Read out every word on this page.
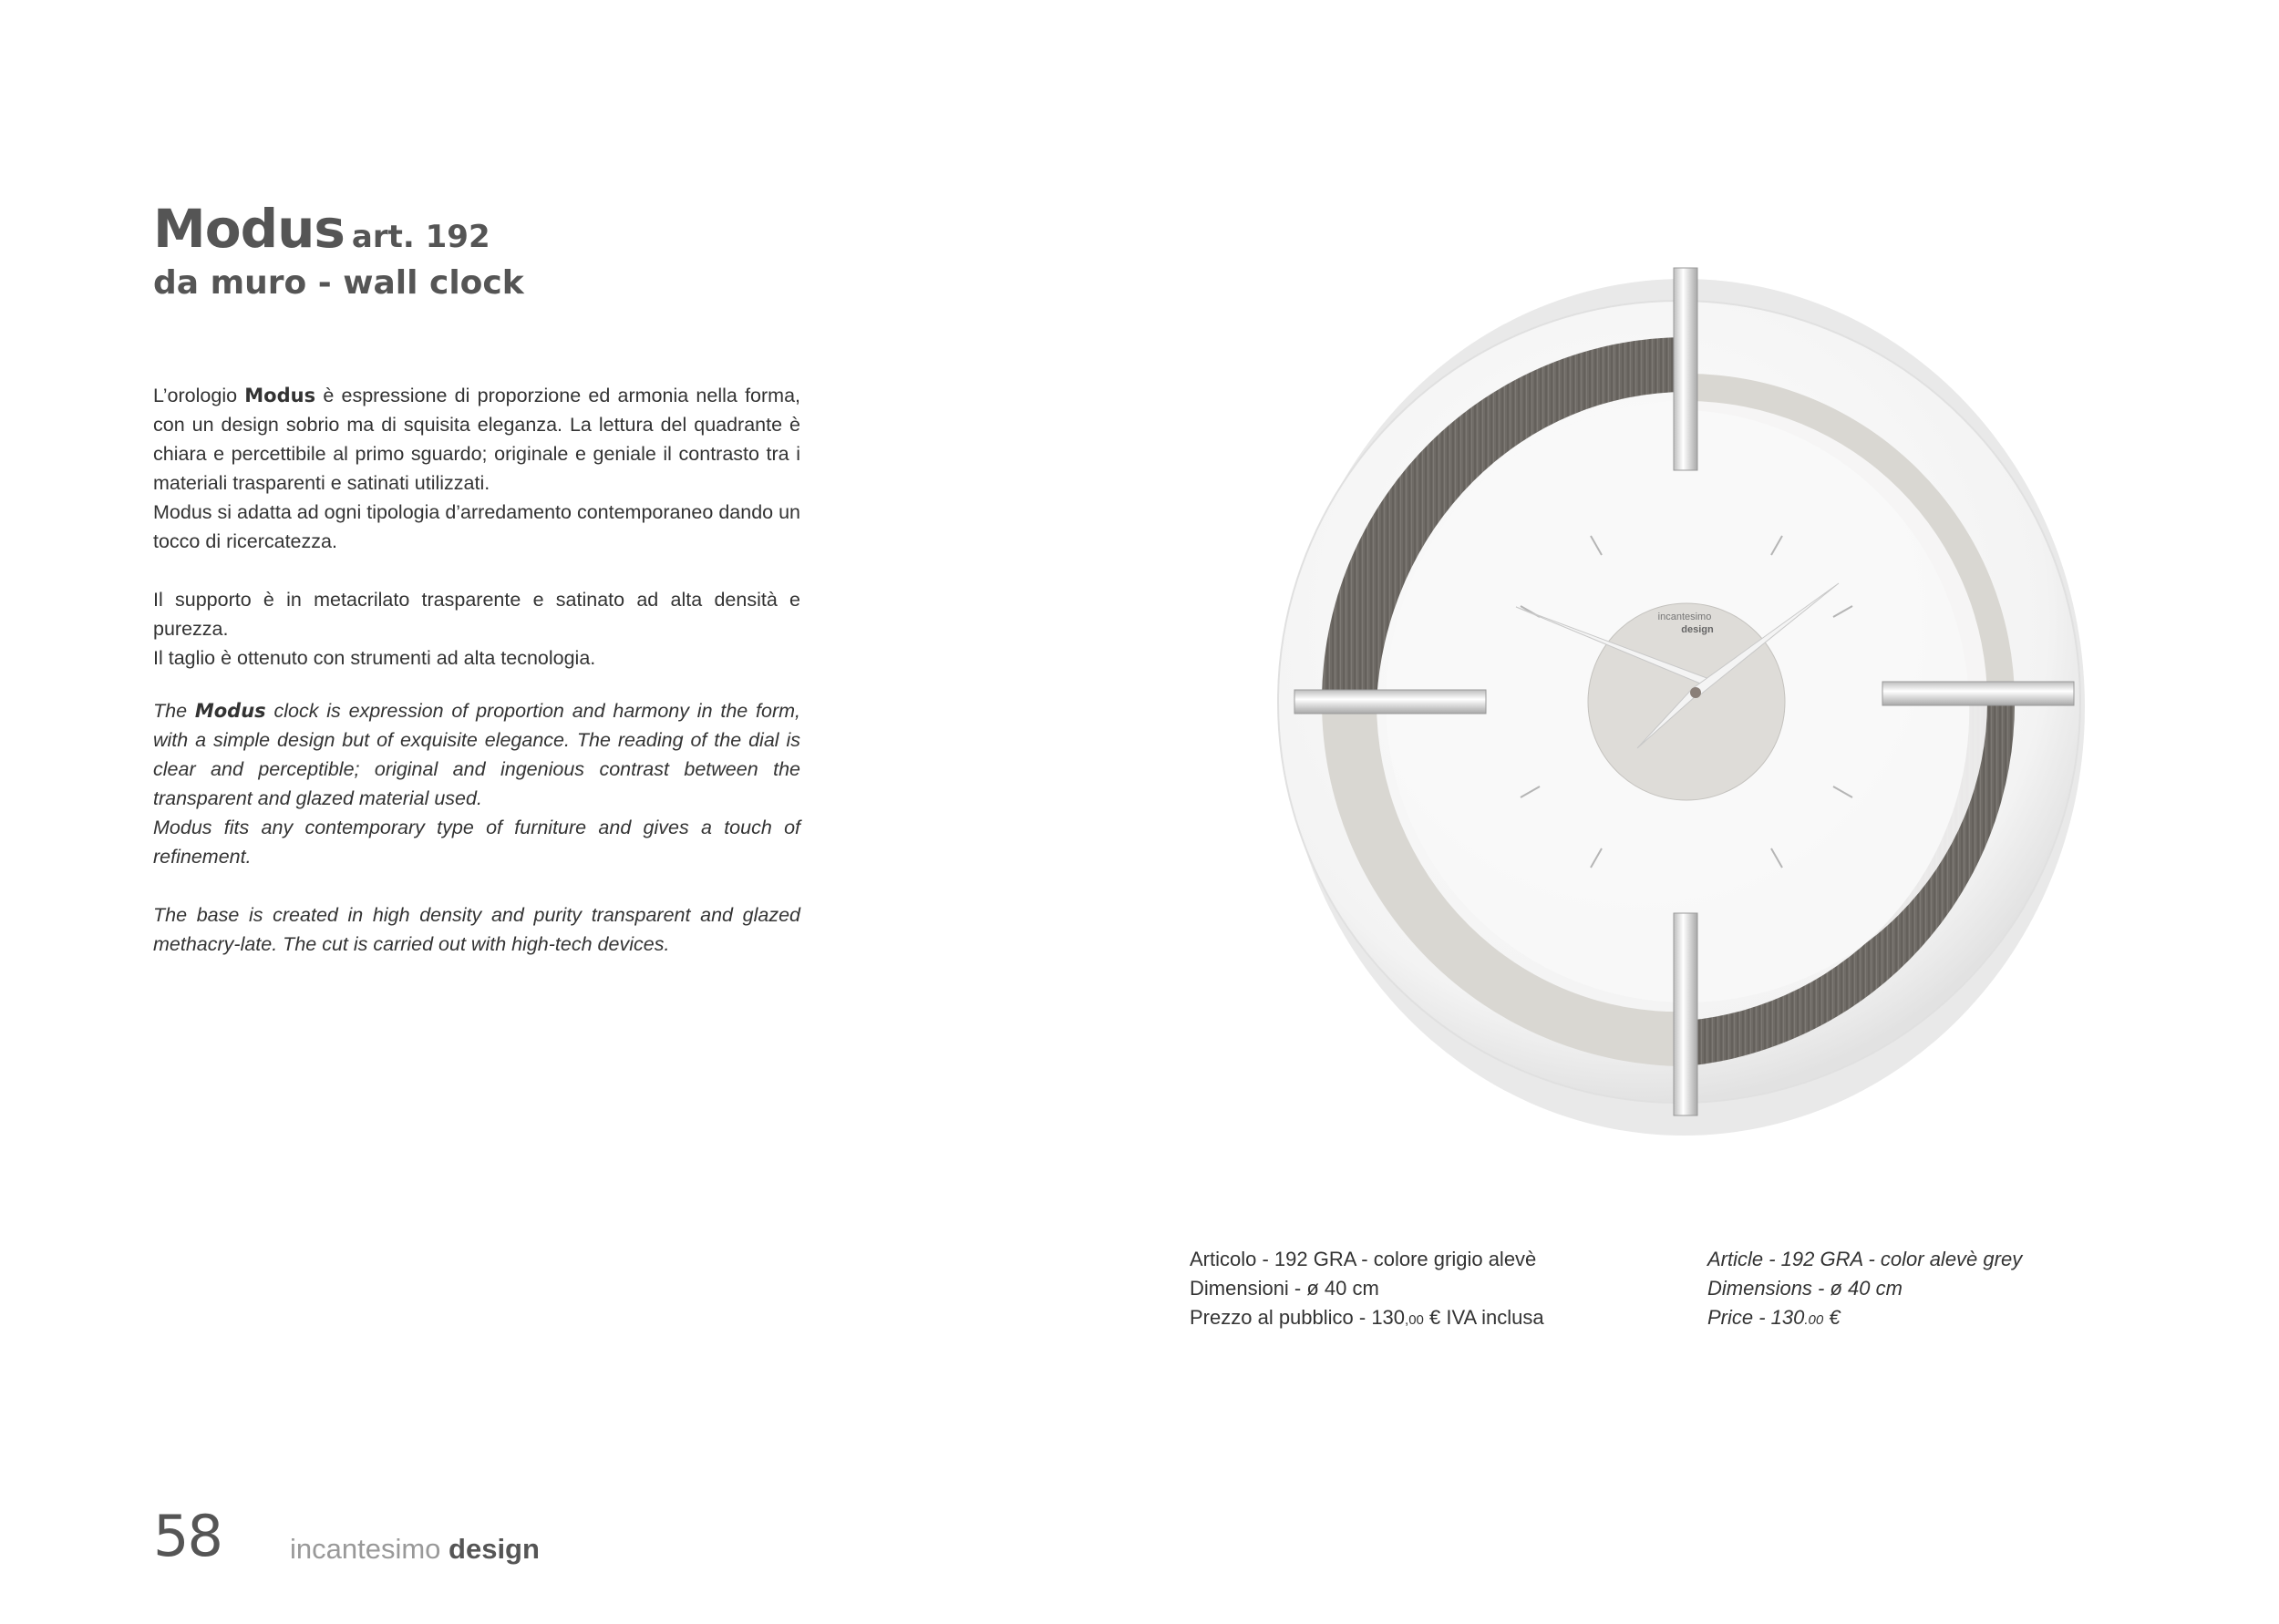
Modus art. 192
da muro - wall clock

L’orologio Modus è espressione di proporzione ed armonia nella forma, con un design sobrio ma di squisita eleganza. La lettura del quadrante è chiara e percettibile al primo sguardo; originale e geniale il contrasto tra i materiali trasparenti e satinati utilizzati.
Modus si adatta ad ogni tipologia d’arredamento contemporaneo dando un tocco di ricercatezza.

Il supporto è in metacrilato trasparente e satinato ad alta densità e purezza.
Il taglio è ottenuto con strumenti ad alta tecnologia.

The Modus clock is expression of proportion and harmony in the form, with a simple design but of exquisite elegance. The reading of the dial is clear and perceptible; original and ingenious contrast between the transparent and glazed material used.
Modus fits any contemporary type of furniture and gives a touch of refinement.

The base is created in high density and purity transparent and glazed methacry-late. The cut is carried out with high-tech devices.

incantesimo
design
Articolo - 192 GRA - colore grigio alevè
Dimensioni - ø 40 cm
Prezzo al pubblico - 130,00 € IVA inclusa
Article - 192 GRA - color alevè grey
Dimensions - ø 40 cm
Price - 130.00 €
58 incantesimo design
